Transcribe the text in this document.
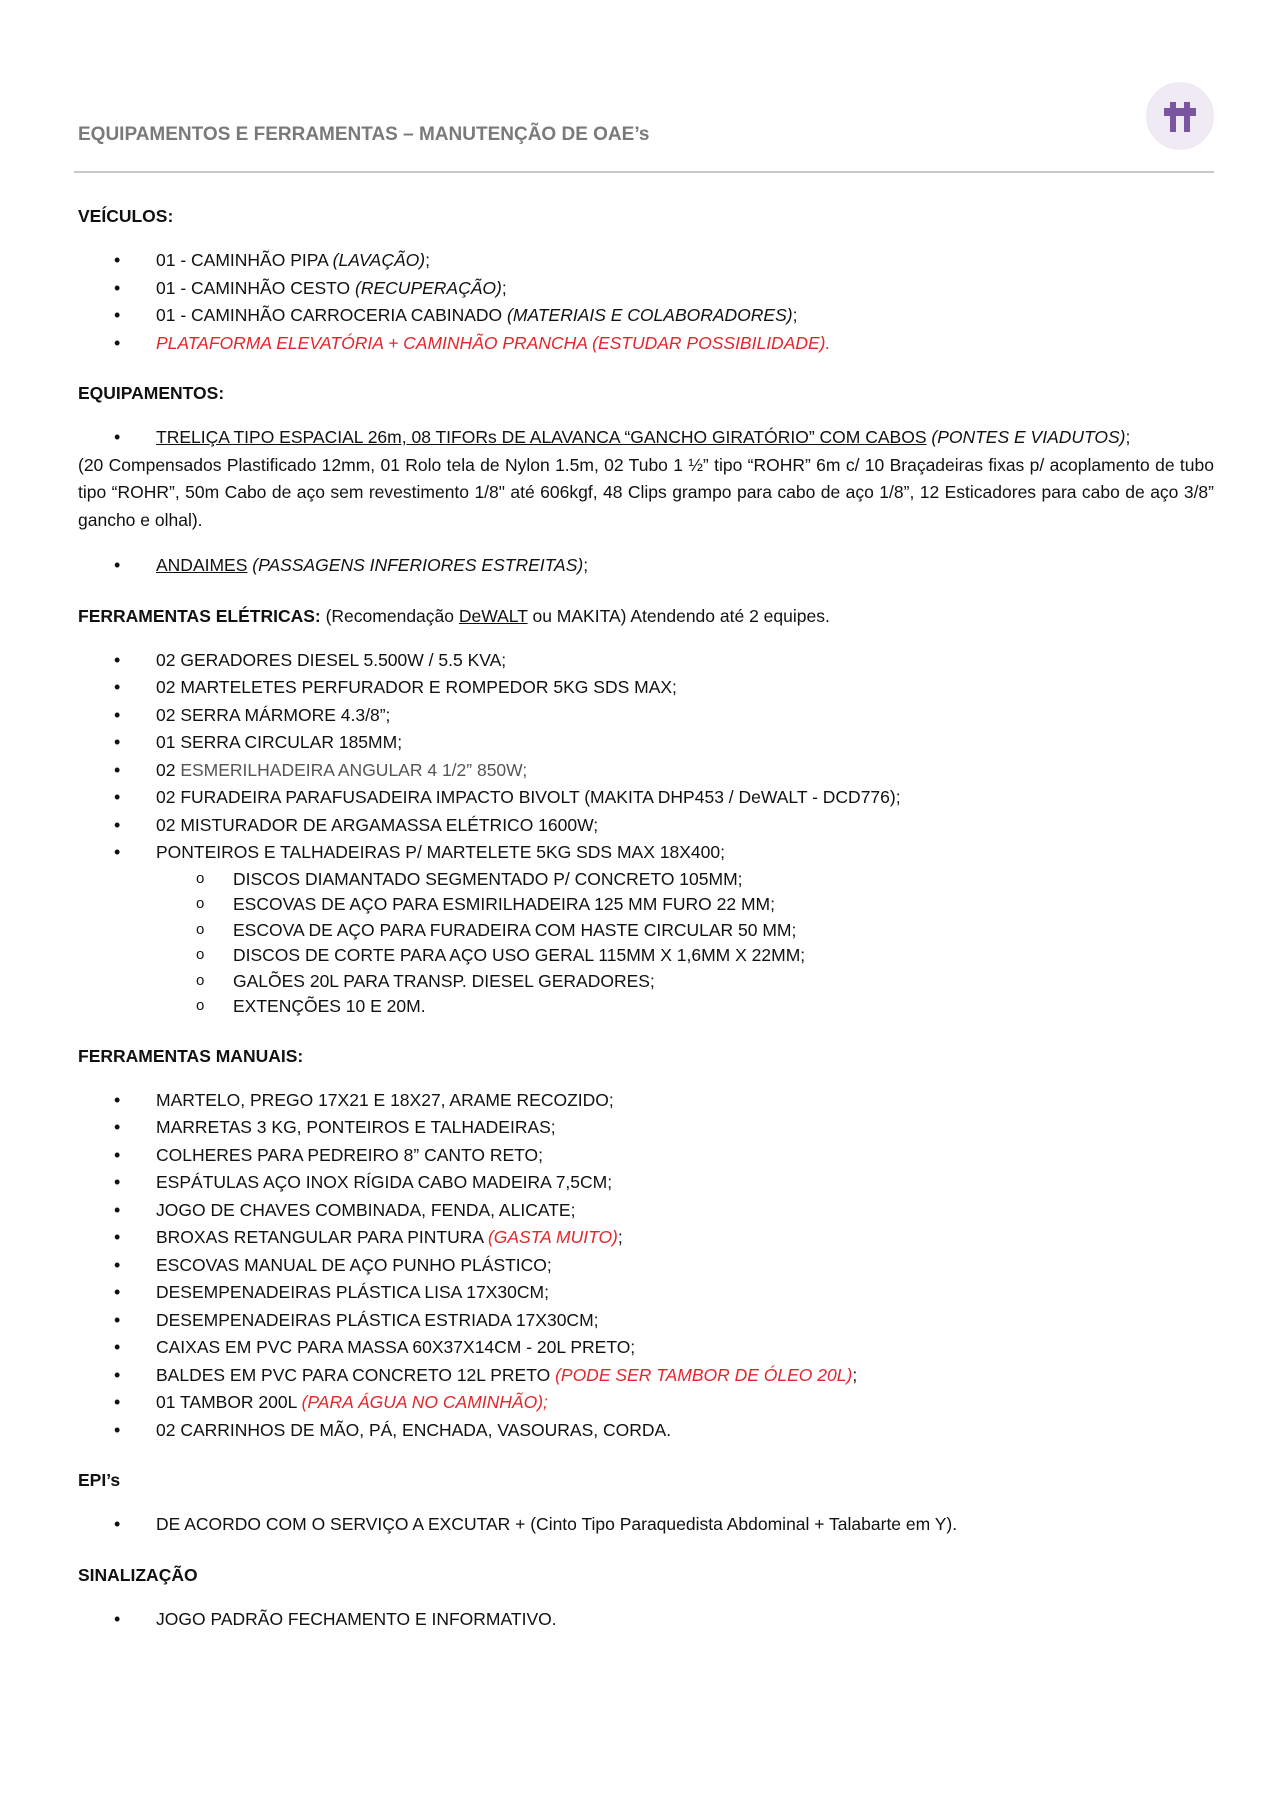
EQUIPAMENTOS E FERRAMENTAS – MANUTENÇÃO DE OAE’s
VEÍCULOS:
• 01 - CAMINHÃO PIPA (LAVAÇÃO);
• 01 - CAMINHÃO CESTO (RECUPERAÇÃO);
• 01 - CAMINHÃO CARROCERIA CABINADO (MATERIAIS E COLABORADORES);
• PLATAFORMA ELEVATÓRIA + CAMINHÃO PRANCHA (ESTUDAR POSSIBILIDADE).
EQUIPAMENTOS:
• TRELIÇA TIPO ESPACIAL 26m, 08 TIFORs DE ALAVANCA “GANCHO GIRATÓRIO” COM CABOS (PONTES E VIADUTOS);

(20 Compensados Plastificado 12mm, 01 Rolo tela de Nylon 1.5m, 02 Tubo 1 ½” tipo “ROHR” 6m c/ 10 Braçadeiras fixas p/ acoplamento de tubo tipo “ROHR”, 50m Cabo de aço sem revestimento 1/8" até 606kgf, 48 Clips grampo para cabo de aço 1/8”, 12 Esticadores para cabo de aço 3/8” gancho e olhal).

• ANDAIMES (PASSAGENS INFERIORES ESTREITAS);
FERRAMENTAS ELÉTRICAS: (Recomendação DeWALT ou MAKITA) Atendendo até 2 equipes.
• 02 GERADORES DIESEL 5.500W / 5.5 KVA;
• 02 MARTELETES PERFURADOR E ROMPEDOR 5KG SDS MAX;
• 02 SERRA MÁRMORE 4.3/8”;
• 01 SERRA CIRCULAR 185MM;
• 02 ESMERILHADEIRA ANGULAR 4 1/2” 850W;
• 02 FURADEIRA PARAFUSADEIRA IMPACTO BIVOLT (MAKITA DHP453 / DeWALT - DCD776);
• 02 MISTURADOR DE ARGAMASSA ELÉTRICO 1600W;
• PONTEIROS E TALHADEIRAS P/ MARTELETE 5KG SDS MAX 18X400;
o DISCOS DIAMANTADO SEGMENTADO P/ CONCRETO 105MM;
o ESCOVAS DE AÇO PARA ESMIRILHADEIRA 125 MM FURO 22 MM;
o ESCOVA DE AÇO PARA FURADEIRA COM HASTE CIRCULAR 50 MM;
o DISCOS DE CORTE PARA AÇO USO GERAL 115MM X 1,6MM X 22MM;
o GALÕES 20L PARA TRANSP. DIESEL GERADORES;
o EXTENÇÕES 10 E 20M.
FERRAMENTAS MANUAIS:
• MARTELO, PREGO 17X21 E 18X27, ARAME RECOZIDO;
• MARRETAS 3 KG, PONTEIROS E TALHADEIRAS;
• COLHERES PARA PEDREIRO 8” CANTO RETO;
• ESPÁTULAS AÇO INOX RÍGIDA CABO MADEIRA 7,5CM;
• JOGO DE CHAVES COMBINADA, FENDA, ALICATE;
• BROXAS RETANGULAR PARA PINTURA (GASTA MUITO);
• ESCOVAS MANUAL DE AÇO PUNHO PLÁSTICO;
• DESEMPENADEIRAS PLÁSTICA LISA 17X30CM;
• DESEMPENADEIRAS PLÁSTICA ESTRIADA 17X30CM;
• CAIXAS EM PVC PARA MASSA 60X37X14CM - 20L PRETO;
• BALDES EM PVC PARA CONCRETO 12L PRETO (PODE SER TAMBOR DE ÓLEO 20L);
• 01 TAMBOR 200L (PARA ÁGUA NO CAMINHÃO);
• 02 CARRINHOS DE MÃO, PÁ, ENCHADA, VASOURAS, CORDA.
EPI’s
• DE ACORDO COM O SERVIÇO A EXCUTAR + (Cinto Tipo Paraquedista Abdominal + Talabarte em Y).
SINALIZAÇÃO
• JOGO PADRÃO FECHAMENTO E INFORMATIVO.
